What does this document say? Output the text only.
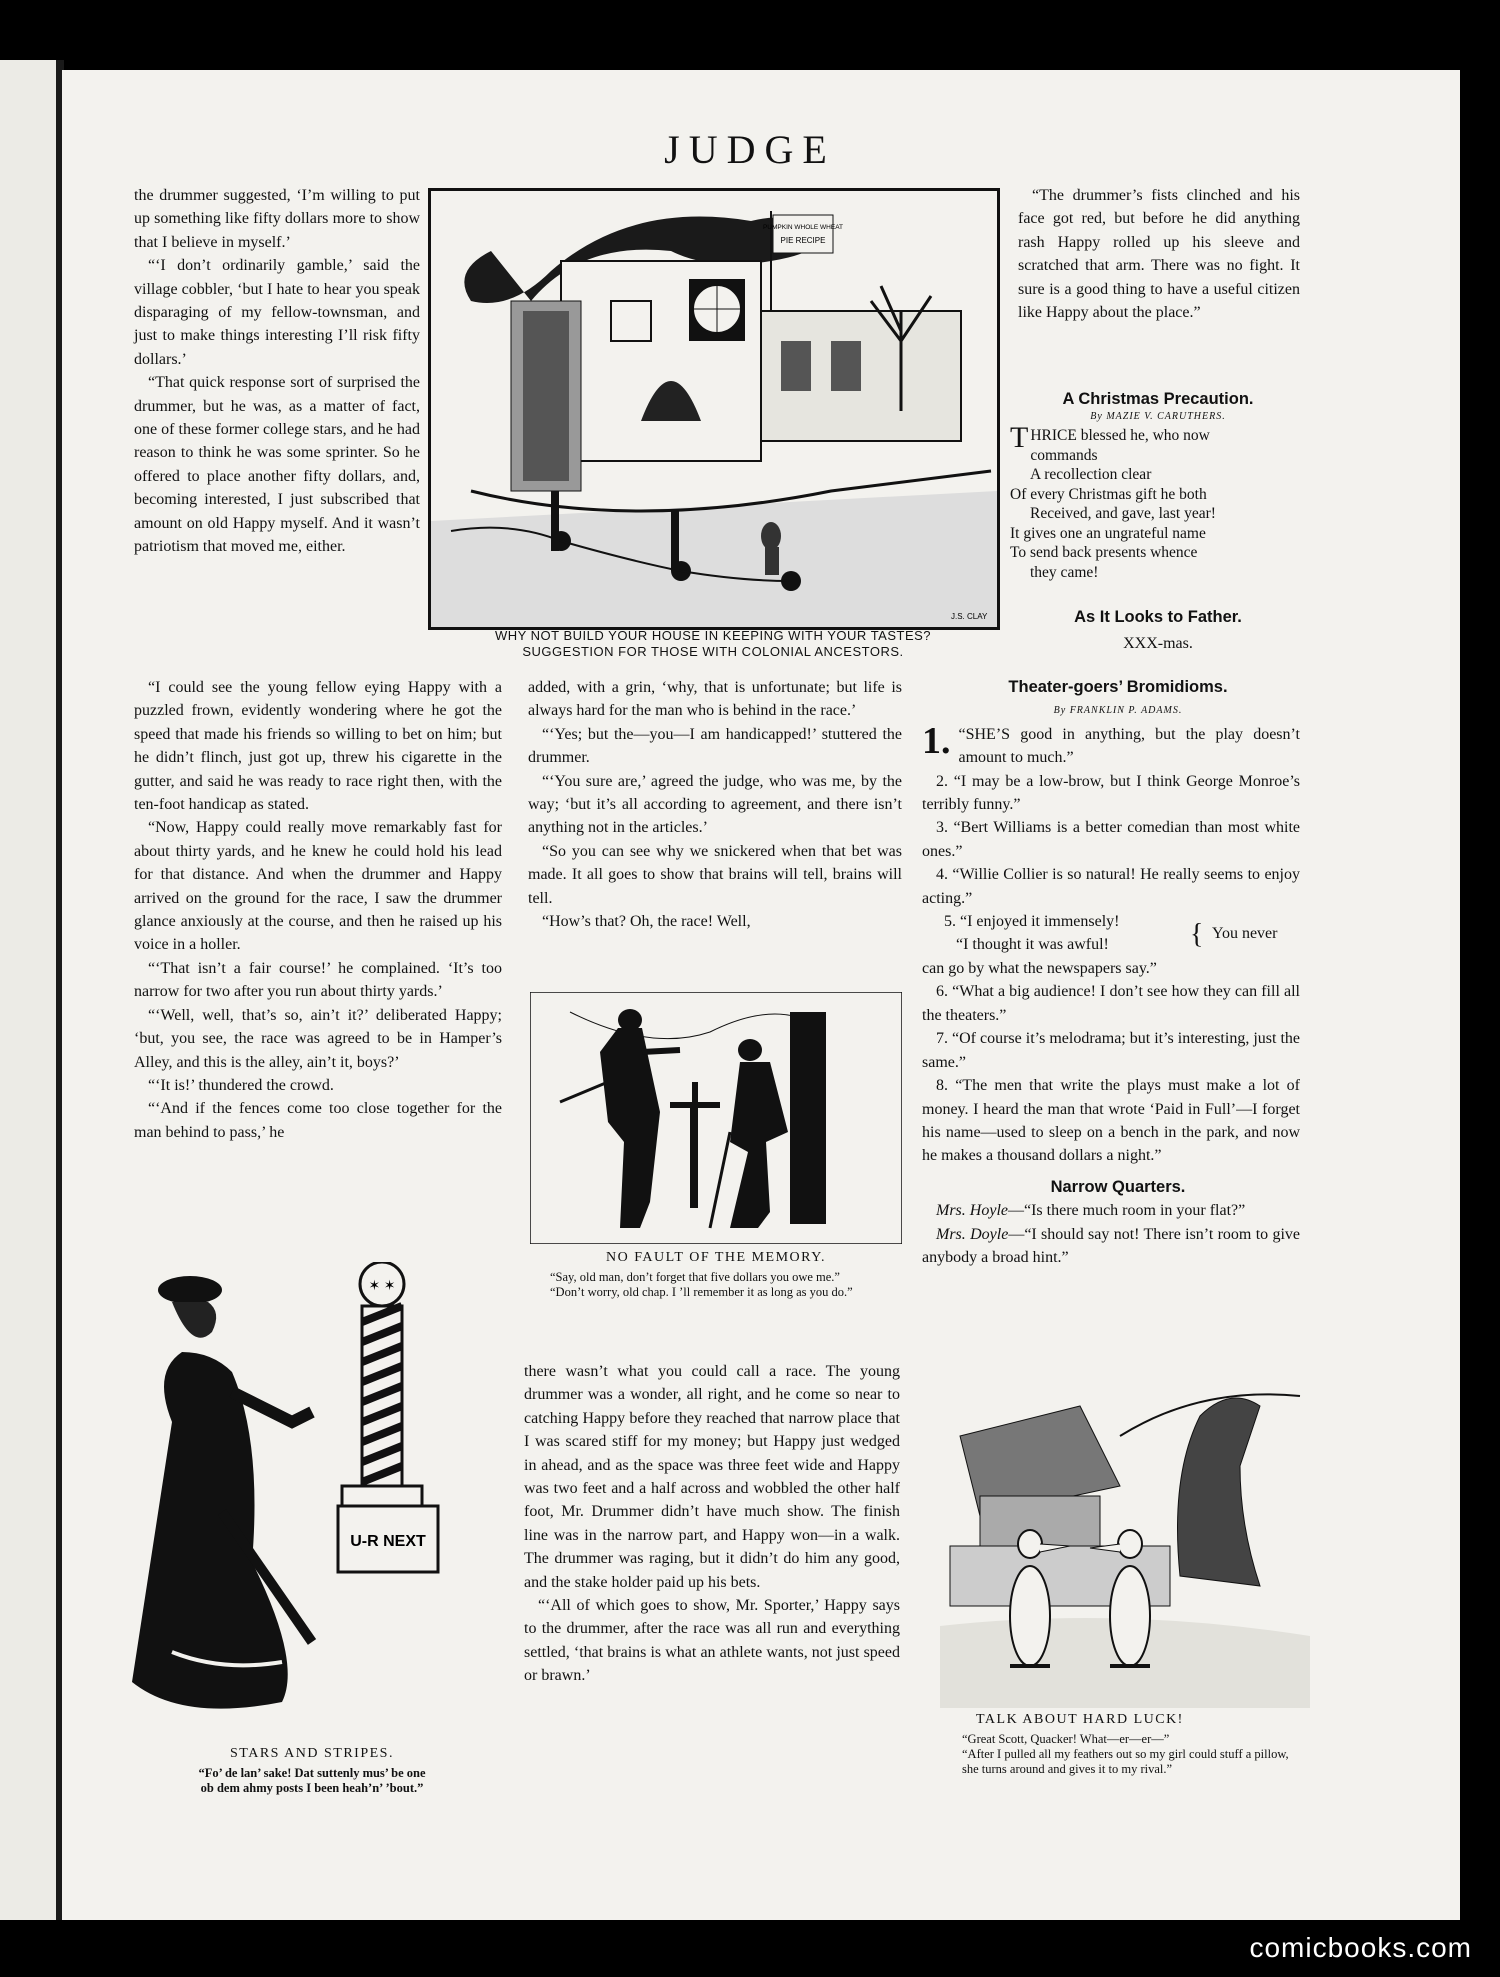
JUDGE

the drummer suggested, ‘I’m willing to put up something like fifty dollars more to show that I believe in myself.’

“‘I don’t ordinarily gamble,’ said the village cobbler, ‘but I hate to hear you speak disparaging of my fellow-townsman, and just to make things interesting I’ll risk fifty dollars.’

“That quick response sort of surprised the drummer, but he was, as a matter of fact, one of these former college stars, and he had reason to think he was some sprinter. So he offered to place another fifty dollars, and, becoming interested, I just subscribed that amount on old Happy myself. And it wasn’t patriotism that moved me, either.

PUMPKIN WHOLE WHEAT
PIE RECIPE
J.S. CLAY
WHY NOT BUILD YOUR HOUSE IN KEEPING WITH YOUR TASTES?
SUGGESTION FOR THOSE WITH COLONIAL ANCESTORS.

“The drummer’s fists clinched and his face got red, but before he did anything rash Happy rolled up his sleeve and scratched that arm. There was no fight. It sure is a good thing to have a useful citizen like Happy about the place.”

A Christmas Precaution.

By MAZIE V. CARUTHERS.

THRICE blessed he, who now
commands
A recollection clear
Of every Christmas gift he both
Received, and gave, last year!
It gives one an ungrateful name
To send back presents whence
they came!

As It Looks to Father.

XXX-mas.

“I could see the young fellow eying Happy with a puzzled frown, evidently wondering where he got the speed that made his friends so willing to bet on him; but he didn’t flinch, just got up, threw his cigarette in the gutter, and said he was ready to race right then, with the ten-foot handicap as stated.

“Now, Happy could really move remarkably fast for about thirty yards, and he knew he could hold his lead for that distance. And when the drummer and Happy arrived on the ground for the race, I saw the drummer glance anxiously at the course, and then he raised up his voice in a holler.

“‘That isn’t a fair course!’ he complained. ‘It’s too narrow for two after you run about thirty yards.’

“‘Well, well, that’s so, ain’t it?’ deliberated Happy; ‘but, you see, the race was agreed to be in Hamper’s Alley, and this is the alley, ain’t it, boys?’

“‘It is!’ thundered the crowd.

“‘And if the fences come too close together for the man behind to pass,’ he

added, with a grin, ‘why, that is unfortunate; but life is always hard for the man who is behind in the race.’

“‘Yes; but the—you—I am handicapped!’ stuttered the drummer.

“‘You sure are,’ agreed the judge, who was me, by the way; ‘but it’s all according to agreement, and there isn’t anything not in the articles.’

“So you can see why we snickered when that bet was made. It all goes to show that brains will tell, brains will tell.

“How’s that? Oh, the race! Well,

NO FAULT OF THE MEMORY.
“Say, old man, don’t forget that five dollars you owe me.”
“Don’t worry, old chap. I ’ll remember it as long as you do.”

Theater-goers’ Bromidioms.

By FRANKLIN P. ADAMS.

1. “SHE’S good in anything, but the play doesn’t amount to much.”

2. “I may be a low-brow, but I think George Monroe’s terribly funny.”

3. “Bert Williams is a better comedian than most white ones.”

4. “Willie Collier is so natural! He really seems to enjoy acting.”

5. “I enjoyed it immensely!
“I thought it was awful!	{ You never

can go by what the newspapers say.”

6. “What a big audience! I don’t see how they can fill all the theaters.”

7. “Of course it’s melodrama; but it’s interesting, just the same.”

8. “The men that write the plays must make a lot of money. I heard the man that wrote ‘Paid in Full’—I forget his name—used to sleep on a bench in the park, and now he makes a thousand dollars a night.”

Narrow Quarters.

Mrs. Hoyle—“Is there much room in your flat?”

Mrs. Doyle—“I should say not! There isn’t room to give anybody a broad hint.”

✶ ✶
U-R NEXT
STARS AND STRIPES.
“Fo’ de lan’ sake! Dat suttenly mus’ be one
ob dem ahmy posts I been heah’n’ ’bout.”

there wasn’t what you could call a race. The young drummer was a wonder, all right, and he come so near to catching Happy before they reached that narrow place that I was scared stiff for my money; but Happy just wedged in ahead, and as the space was three feet wide and Happy was two feet and a half across and wobbled the other half foot, Mr. Drummer didn’t have much show. The finish line was in the narrow part, and Happy won—in a walk. The drummer was raging, but it didn’t do him any good, and the stake holder paid up his bets.

“‘All of which goes to show, Mr. Sporter,’ Happy says to the drummer, after the race was all run and everything settled, ‘that brains is what an athlete wants, not just speed or brawn.’

TALK ABOUT HARD LUCK!
“Great Scott, Quacker! What—er—er—”
“After I pulled all my feathers out so my girl could stuff a pillow, she turns around and gives it to my rival.”
comicbooks.com
